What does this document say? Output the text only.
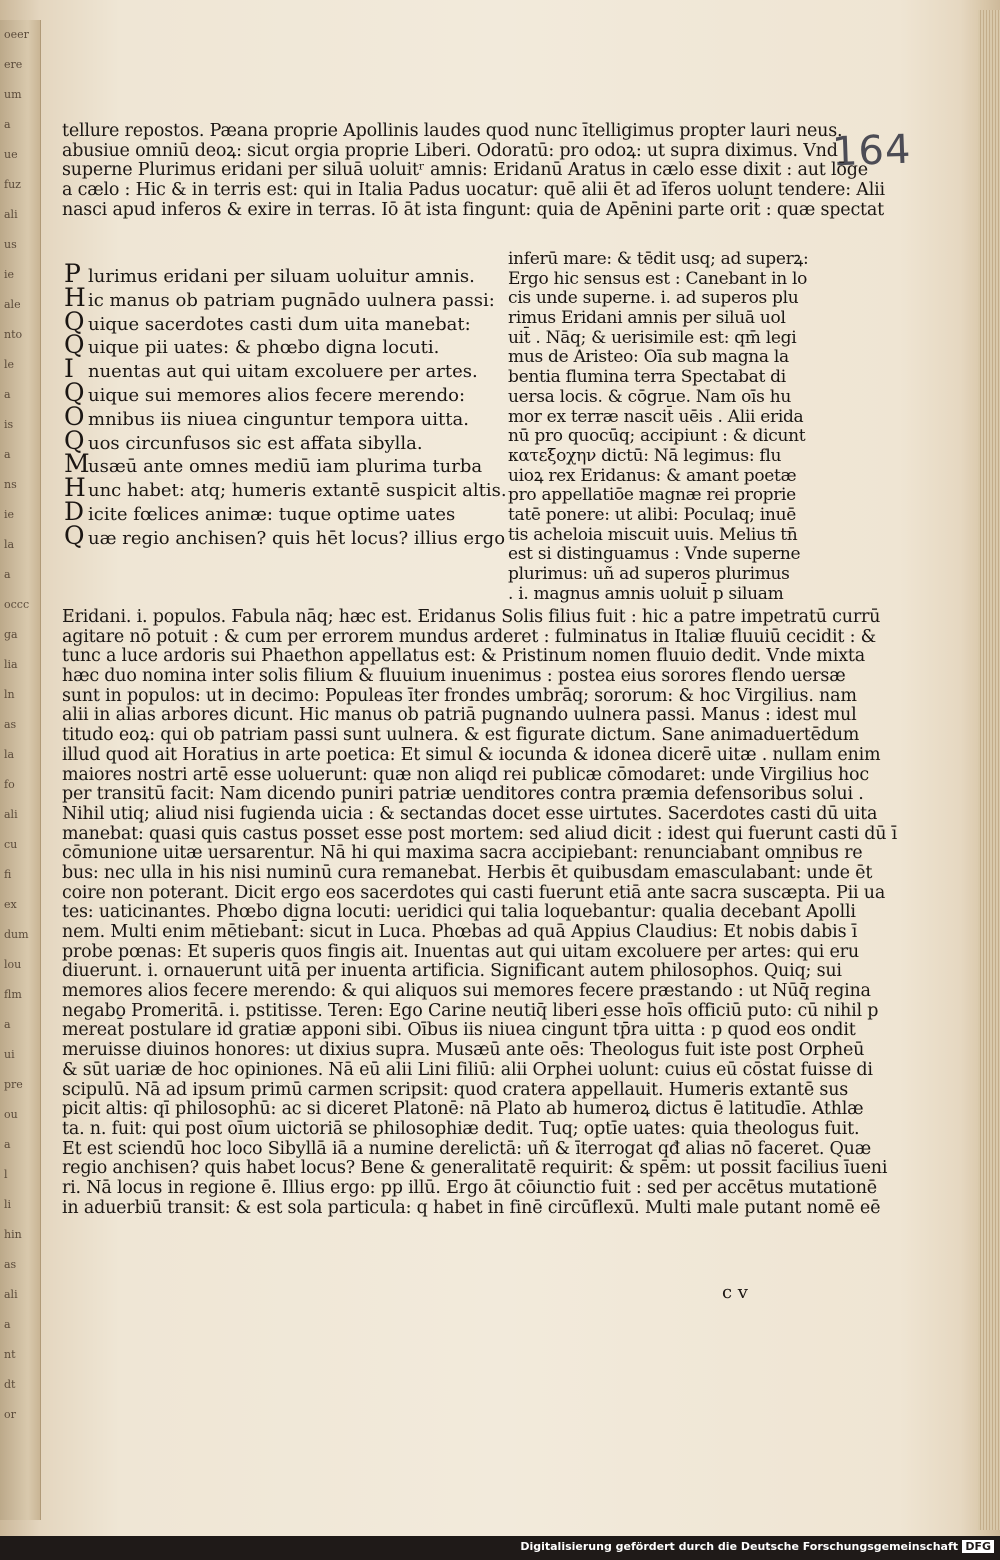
oeer
ere
um
a
ue
fuz
ali
us
ie
ale
nto
le
a
is
a
ns
ie
la
a
occc
ga
lia
ln
as
la
fo
ali
cu
fi
ex
dum
lou
flm
a
ui
pre
ou
a
l
li
hin
as
ali
a
nt
dt
or
164
tellure repostos. Pæana proprie Apollinis laudes quod nunc ītelligimus propter lauri neus.
abusiue omniū deoꝝ: sicut orgia proprie Liberi. Odoratū: pro odoꝝ: ut supra diximus. Vnd
superne Plurimus eridani per siluā uoluitʳ amnis: Eridanū Aratus in cælo esse dixit : aut lōge
a cælo : Hic & in terris est: qui in Italia Padus uocatur: quē alii ēt ad īferos uolunt tendere: Alii
nasci apud inferos & exire in terras. Iō āt ista fingunt: quia de Apēnini parte orit̄ : quæ spectat
P lurimus eridani per siluam uoluitur amnis.
H ic manus ob patriam pugnādo uulnera passi:
Q uique sacerdotes casti dum uita manebat:
Q uique pii uates: & phœbo digna locuti.
I nuentas aut qui uitam excoluere per artes.
Q uique sui memores alios fecere merendo:
O mnibus iis niuea cinguntur tempora uitta.
Q uos circunfusos sic est affata sibylla.
Musæū ante omnes mediū iam plurima turba
H unc habet: atq; humeris extantē suspicit altis.
D icite fœlices animæ: tuque optime uates
Q uæ regio anchisen? quis hēt locus? illius ergo
inferū mare: & tēdit usq; ad superꝝ:
Ergo hic sensus est : Canebant in lo
cis unde superne. i. ad superos plu
rimus Eridani amnis per siluā uol
uit̄ . Nāq; & uerisimile est: qm̄ legi
mus de Aristeo: Oīa sub magna la
bentia flumina terra Spectabat di
uersa locis. & cōgrue. Nam oīs hu
mor ex terræ nascit̄ uēis . Alii erida
nū pro quocūq; accipiunt : & dicunt
κατεξοχην dictū: Nā legimus: flu
uioꝝ rex Eridanus: & amant poetæ
pro appellatiōe magnæ rei proprie
tatē ponere: ut alibi: Poculaq; inuē
tis acheloia miscuit uuis. Melius tn̄
est si distinguamus : Vnde superne
plurimus: uñ ad superos plurimus
. i. magnus amnis uoluit̄ p siluam
Eridani. i. populos. Fabula nāq; hæc est. Eridanus Solis filius fuit : hic a patre impetratū currū
agitare nō potuit : & cum per errorem mundus arderet : fulminatus in Italiæ fluuiū cecidit : &
tunc a luce ardoris sui Phaethon appellatus est: & Pristinum nomen fluuio dedit. Vnde mixta
hæc duo nomina inter solis filium & fluuium inuenimus : postea eius sorores flendo uersæ
sunt in populos: ut in decimo: Populeas īter frondes umbrāq; sororum: & hoc Virgilius. nam
alii in alias arbores dicunt. Hic manus ob patriā pugnando uulnera passi. Manus : idest mul
titudo eoꝝ: qui ob patriam passi sunt uulnera. & est figurate dictum. Sane animaduertēdum
illud quod ait Horatius in arte poetica: Et simul & iocunda & idonea dicerē uitæ . nullam enim
maiores nostri artē esse uoluerunt: quæ non aliqd rei publicæ cōmodaret: unde Virgilius hoc
per transitū facit: Nam dicendo puniri patriæ uenditores contra præmia defensoribus solui .
Nihil utiq; aliud nisi fugienda uicia : & sectandas docet esse uirtutes. Sacerdotes casti dū uita
manebat: quasi quis castus posset esse post mortem: sed aliud dicit : idest qui fuerunt casti dū ī
cōmunione uitæ uersarentur. Nā hi qui maxima sacra accipiebant: renunciabant omnibus re
bus: nec ulla in his nisi numinū cura remanebat. Herbis ēt quibusdam emasculabant̄: unde ēt
coire non poterant. Dicit ergo eos sacerdotes qui casti fuerunt etiā ante sacra suscæpta. Pii ua
tes: uaticinantes. Phœbo digna locuti: ueridici qui talia loquebantur: qualia decebant Apolli
nem. Multi enim mētiebant̄: sicut in Luca. Phœbas ad quā Appius Claudius: Et nobis dabis ī
probe pœnas: Et superis quos fingis ait. Inuentas aut qui uitam excoluere per artes: qui eru
diuerunt. i. ornauerunt uitā per inuenta artificia. Significant autem philosophos. Quiq; sui
memores alios fecere merendo: & qui aliquos sui memores fecere præstando : ut Nūq̄ regina
negabo Promeritā. i. pstitisse. Teren: Ego Carine neutiq̄ liberi esse hoīs officiū puto: cū nihil p
mereat̄ postulare id gratiæ apponi sibi. Oībus iis niuea cingunt̄ tp̄ra uitta : p quod eos ondit
meruisse diuinos honores: ut dixius supra. Musæū ante oēs: Theologus fuit iste post Orpheū
& sūt uariæ de hoc opiniones. Nā eū alii Lini filiū: alii Orphei uolunt: cuius eū cōstat fuisse di
scipulū. Nā ad ipsum primū carmen scripsit: quod cratera appellauit. Humeris extantē sus
picit altis: qī philosophū: ac si diceret Platonē: nā Plato ab humeroꝝ dictus ē latitudīe. Athlæ
ta. n. fuit: qui post oīum uictoriā se philosophiæ dedit. Tuq; optīe uates: quia theologus fuit.
Et est sciendū hoc loco Sibyllā iā a numine derelictā: uñ & īterrogat qđ alias nō faceret. Quæ
regio anchisen? quis habet locus? Bene & generalitatē requirit: & spēm: ut possit facilius īueni
ri. Nā locus in regione ē. Illius ergo: pp illū. Ergo āt cōiunctio fuit : sed per accētus mutationē
in aduerbiū transit: & est sola particula: q habet in finē circūflexū. Multi male putant nomē eē
c v
Digitalisierung gefördert durch die Deutsche Forschungsgemeinschaft DFG
